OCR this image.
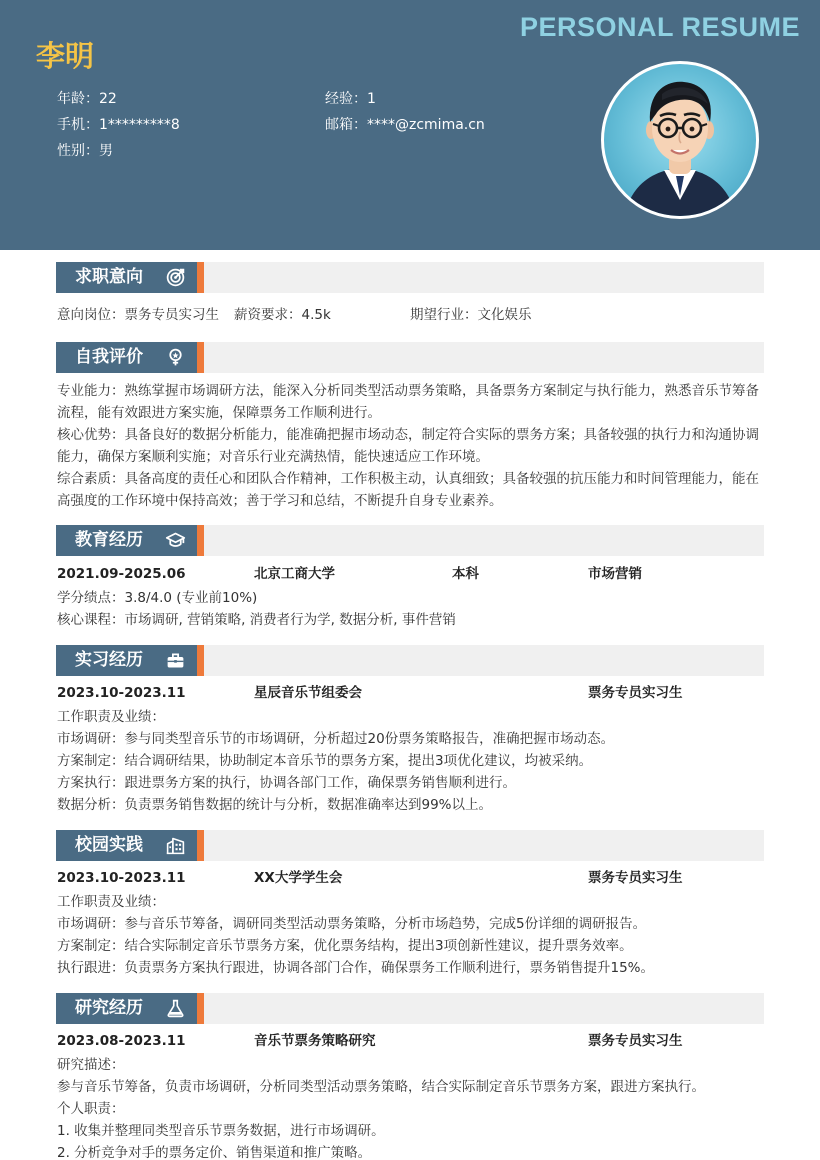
PERSONAL RESUME
李明
年龄：22
手机：1*********8
性别：男
经验：1
邮箱：****@zcmima.cn
求职意向
意向岗位：票务专员实习生 薪资要求：4.5k	期望行业：文化娱乐
自我评价
专业能力：熟练掌握市场调研方法，能深入分析同类型活动票务策略，具备票务方案制定与执行能力，熟悉音乐节筹备流程，能有效跟进方案实施，保障票务工作顺利进行。
核心优势：具备良好的数据分析能力，能准确把握市场动态，制定符合实际的票务方案；具备较强的执行力和沟通协调能力，确保方案顺利实施；对音乐行业充满热情，能快速适应工作环境。
综合素质：具备高度的责任心和团队合作精神，工作积极主动，认真细致；具备较强的抗压能力和时间管理能力，能在高强度的工作环境中保持高效；善于学习和总结，不断提升自身专业素养。
教育经历
2021.09-2025.06	北京工商大学	本科	市场营销
学分绩点：3.8/4.0 (专业前10%)
核心课程：市场调研, 营销策略, 消费者行为学, 数据分析, 事件营销
实习经历
2023.10-2023.11	星辰音乐节组委会	票务专员实习生
工作职责及业绩：
市场调研：参与同类型音乐节的市场调研，分析超过20份票务策略报告，准确把握市场动态。
方案制定：结合调研结果，协助制定本音乐节的票务方案，提出3项优化建议，均被采纳。
方案执行：跟进票务方案的执行，协调各部门工作，确保票务销售顺利进行。
数据分析：负责票务销售数据的统计与分析，数据准确率达到99%以上。
校园实践
2023.10-2023.11	XX大学学生会	票务专员实习生
工作职责及业绩：
市场调研：参与音乐节筹备，调研同类型活动票务策略，分析市场趋势，完成5份详细的调研报告。
方案制定：结合实际制定音乐节票务方案，优化票务结构，提出3项创新性建议，提升票务效率。
执行跟进：负责票务方案执行跟进，协调各部门合作，确保票务工作顺利进行，票务销售提升15%。
研究经历
2023.08-2023.11	音乐节票务策略研究	票务专员实习生
研究描述：
参与音乐节筹备，负责市场调研，分析同类型活动票务策略，结合实际制定音乐节票务方案，跟进方案执行。
个人职责：
1. 收集并整理同类型音乐节票务数据，进行市场调研。
2. 分析竞争对手的票务定价、销售渠道和推广策略。
